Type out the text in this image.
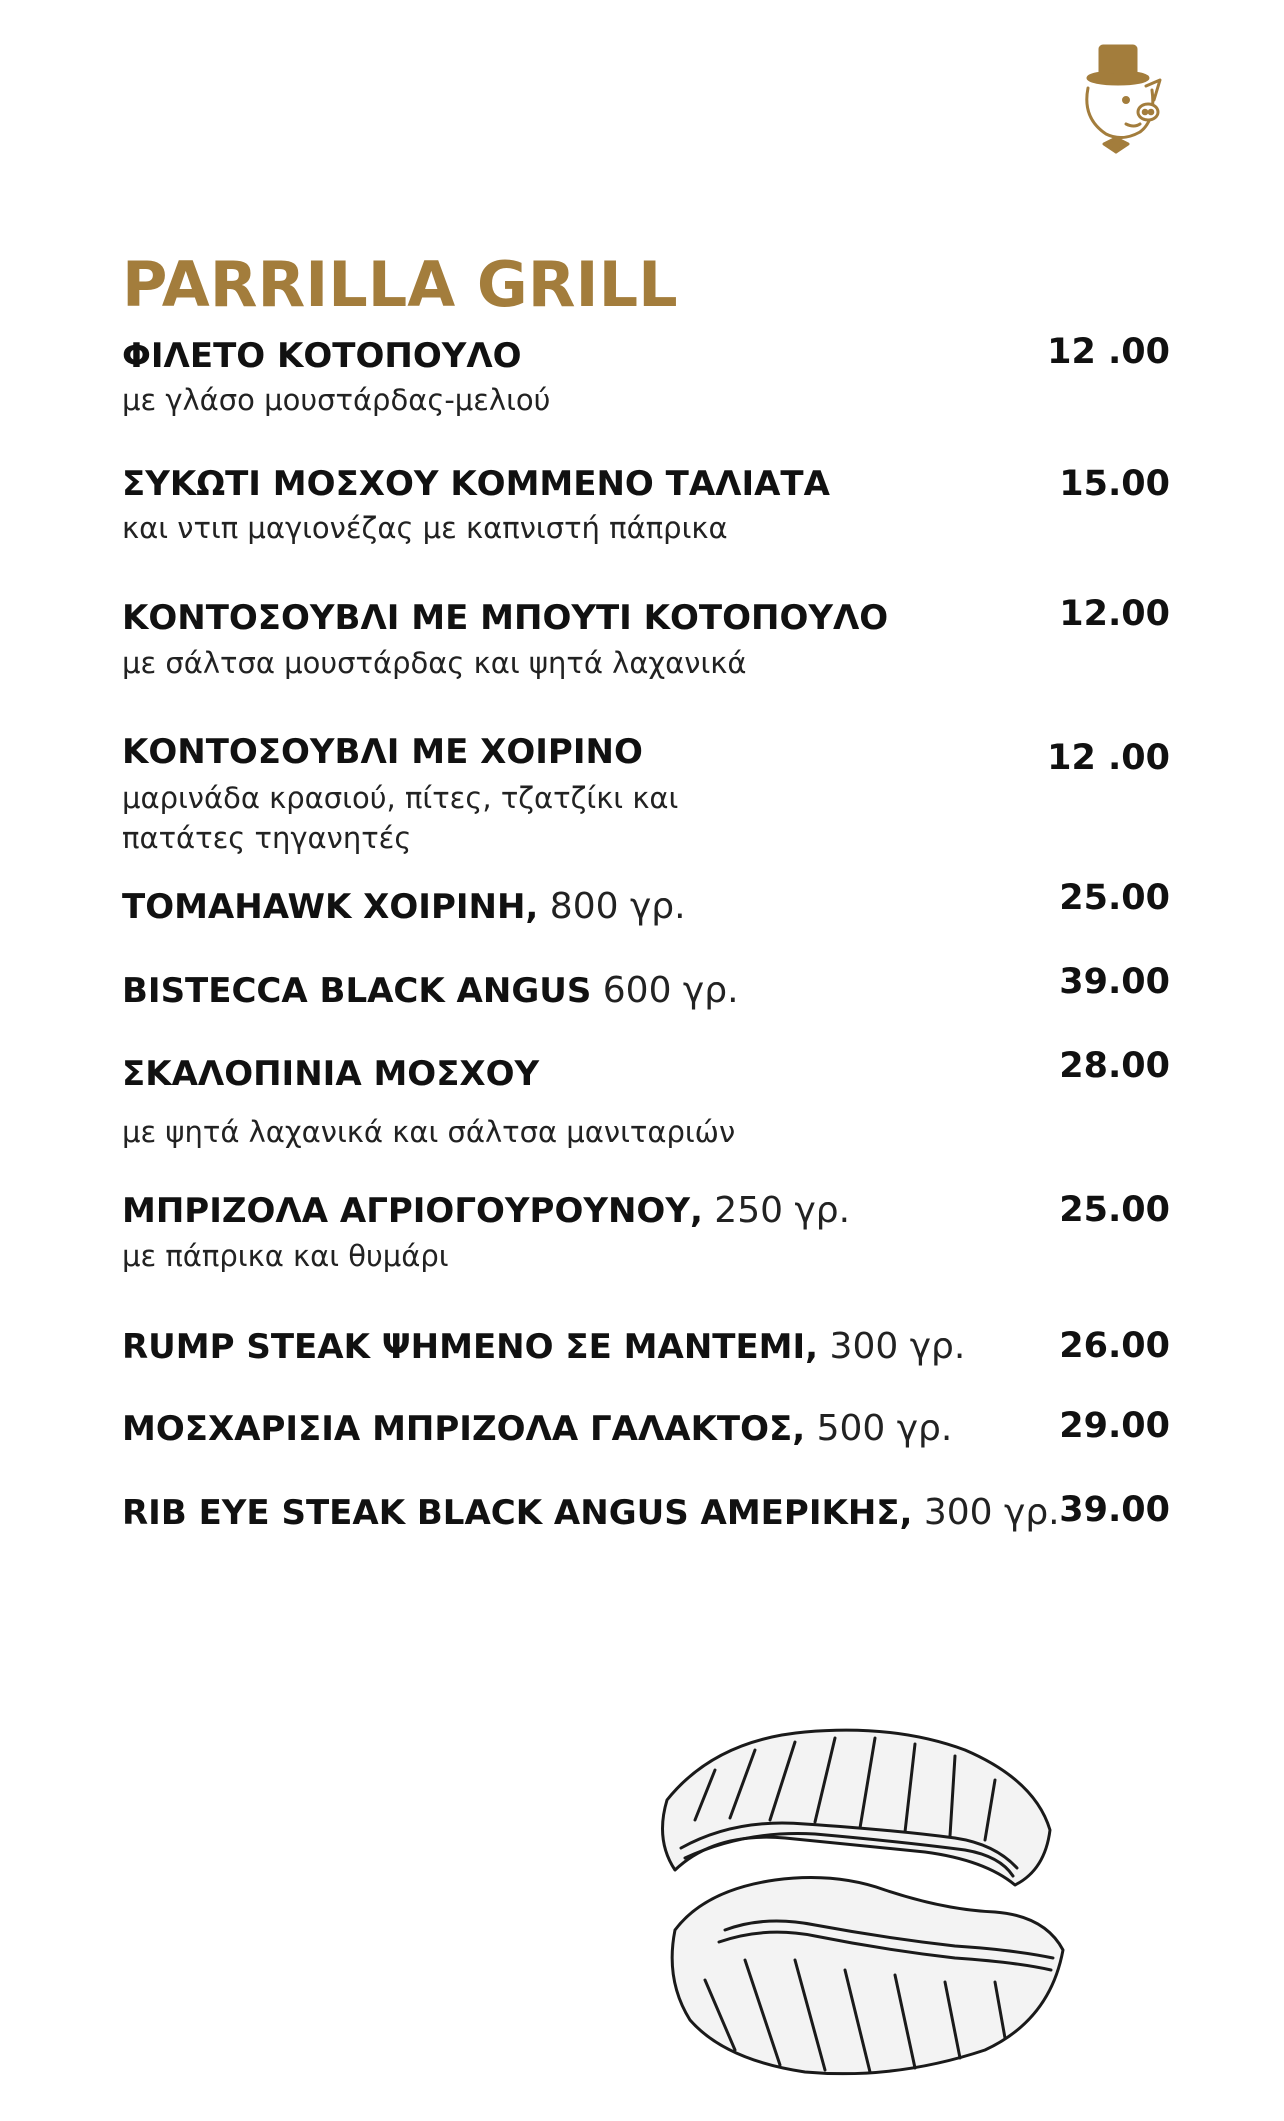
PARRILLA GRILL
ΦΙΛΕΤΟ ΚΟΤΟΠΟΥΛΟ
με γλάσο μουστάρδας-μελιού
12 .00
ΣΥΚΩΤΙ ΜΟΣΧΟΥ ΚΟΜΜΕΝΟ ΤΑΛΙΑΤΑ
και ντιπ μαγιονέζας με καπνιστή πάπρικα
15.00
ΚΟΝΤΟΣΟΥΒΛΙ ΜΕ ΜΠΟΥΤΙ ΚΟΤΟΠΟΥΛΟ
με σάλτσα μουστάρδας και ψητά λαχανικά
12.00
ΚΟΝΤΟΣΟΥΒΛΙ ΜΕ ΧΟΙΡΙΝΟ
μαρινάδα κρασιού, πίτες, τζατζίκι και πατάτες τηγανητές
12 .00
TOMAHAWK ΧΟΙΡΙΝΗ, 800 γρ.	25.00
BISTECCA BLACK ANGUS 600 γρ.	39.00
ΣΚΑΛΟΠΙΝΙΑ ΜΟΣΧΟΥ
με ψητά λαχανικά και σάλτσα μανιταριών
28.00
ΜΠΡΙΖΟΛΑ ΑΓΡΙΟΓΟΥΡΟΥΝΟΥ, 250 γρ.
με πάπρικα και θυμάρι
25.00
RUMP STEAK ΨΗΜΕΝΟ ΣΕ ΜΑΝΤΕΜΙ, 300 γρ.	26.00
ΜΟΣΧΑΡΙΣΙΑ ΜΠΡΙΖΟΛΑ ΓΑΛΑΚΤΟΣ, 500 γρ.	29.00
RIB EYE STEAK BLACK ANGUS ΑΜΕΡΙΚΗΣ, 300 γρ. 39.00
